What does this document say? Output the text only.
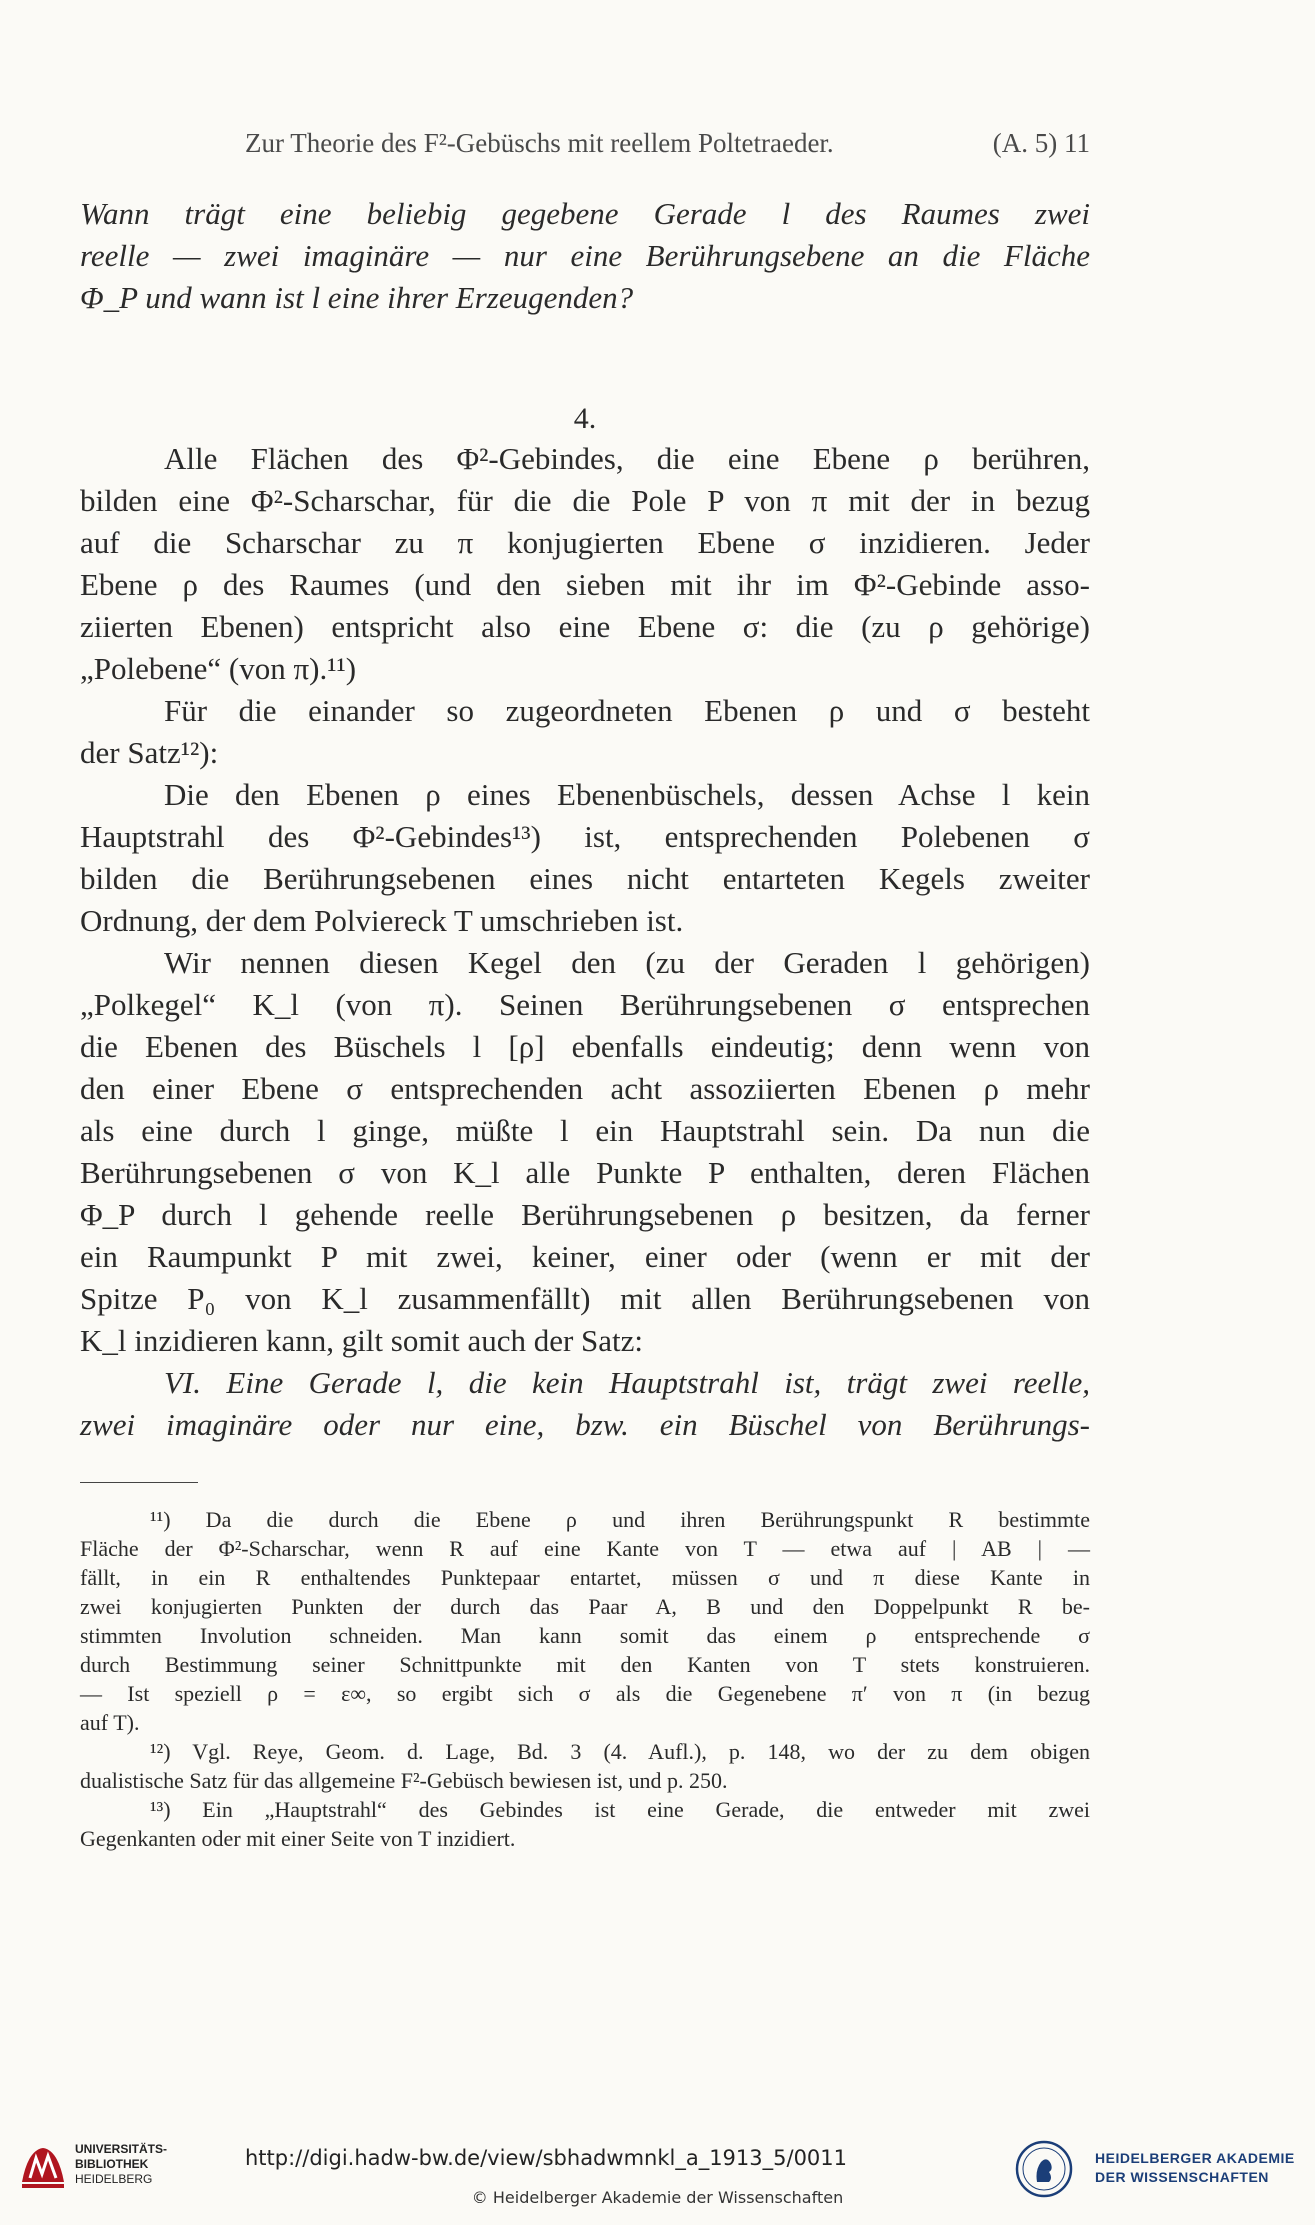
Zur Theorie des F²-Gebüschs mit reellem Poltetraeder.	(A. 5) 11
Wann trägt eine beliebig gegebene Gerade l des Raumes zwei
reelle — zwei imaginäre — nur eine Berührungsebene an die Fläche
Φ_P und wann ist l eine ihrer Erzeugenden?
4.
Alle Flächen des Φ²-Gebindes, die eine Ebene ρ berühren,
bilden eine Φ²-Scharschar, für die die Pole P von π mit der in bezug
auf die Scharschar zu π konjugierten Ebene σ inzidieren. Jeder
Ebene ρ des Raumes (und den sieben mit ihr im Φ²-Gebinde asso-
ziierten Ebenen) entspricht also eine Ebene σ: die (zu ρ gehörige)
„Polebene“ (von π).¹¹)
Für die einander so zugeordneten Ebenen ρ und σ besteht
der Satz¹²):
Die den Ebenen ρ eines Ebenenbüschels, dessen Achse l kein
Hauptstrahl des Φ²-Gebindes¹³) ist, entsprechenden Polebenen σ
bilden die Berührungsebenen eines nicht entarteten Kegels zweiter
Ordnung, der dem Polviereck T umschrieben ist.
Wir nennen diesen Kegel den (zu der Geraden l gehörigen)
„Polkegel“ K_l (von π). Seinen Berührungsebenen σ entsprechen
die Ebenen des Büschels l [ρ] ebenfalls eindeutig; denn wenn von
den einer Ebene σ entsprechenden acht assoziierten Ebenen ρ mehr
als eine durch l ginge, müßte l ein Hauptstrahl sein. Da nun die
Berührungsebenen σ von K_l alle Punkte P enthalten, deren Flächen
Φ_P durch l gehende reelle Berührungsebenen ρ besitzen, da ferner
ein Raumpunkt P mit zwei, keiner, einer oder (wenn er mit der
Spitze P₀ von K_l zusammenfällt) mit allen Berührungsebenen von
K_l inzidieren kann, gilt somit auch der Satz:
VI. Eine Gerade l, die kein Hauptstrahl ist, trägt zwei reelle,
zwei imaginäre oder nur eine, bzw. ein Büschel von Berührungs-
¹¹) Da die durch die Ebene ρ und ihren Berührungspunkt R bestimmte
Fläche der Φ²-Scharschar, wenn R auf eine Kante von T — etwa auf | AB | —
fällt, in ein R enthaltendes Punktepaar entartet, müssen σ und π diese Kante in
zwei konjugierten Punkten der durch das Paar A, B und den Doppelpunkt R be-
stimmten Involution schneiden. Man kann somit das einem ρ entsprechende σ
durch Bestimmung seiner Schnittpunkte mit den Kanten von T stets konstruieren.
— Ist speziell ρ = ε∞, so ergibt sich σ als die Gegenebene π′ von π (in bezug
auf T).
¹²) Vgl. Reye, Geom. d. Lage, Bd. 3 (4. Aufl.), p. 148, wo der zu dem obigen
dualistische Satz für das allgemeine F²-Gebüsch bewiesen ist, und p. 250.
¹³) Ein „Hauptstrahl“ des Gebindes ist eine Gerade, die entweder mit zwei
Gegenkanten oder mit einer Seite von T inzidiert.
UNIVERSITÄTS-
BIBLIOTHEK
HEIDELBERG
http://digi.hadw-bw.de/view/sbhadwmnkl_a_1913_5/0011
© Heidelberger Akademie der Wissenschaften
HEIDELBERGER AKADEMIE
DER WISSENSCHAFTEN
